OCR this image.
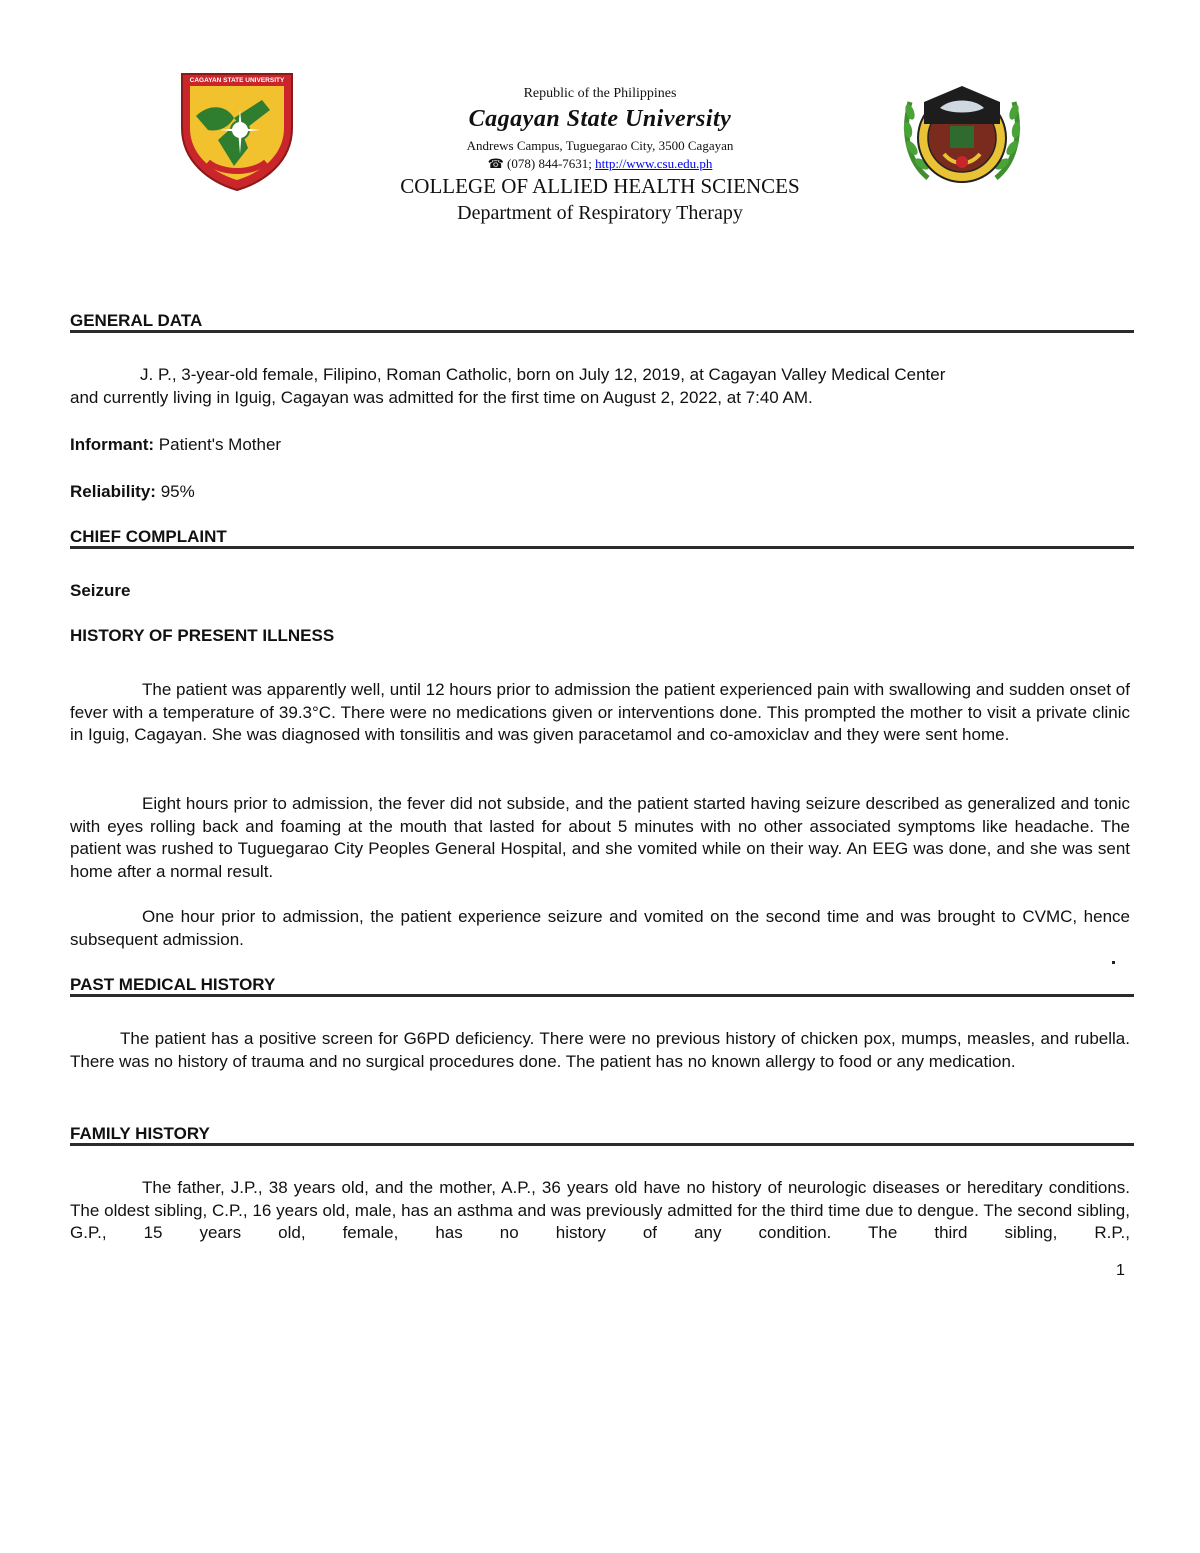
CAGAYAN STATE UNIVERSITY
Republic of the Philippines
Cagayan State University
Andrews Campus, Tuguegarao City, 3500 Cagayan
☎ (078) 844-7631; http://www.csu.edu.ph
COLLEGE OF ALLIED HEALTH SCIENCES
Department of Respiratory Therapy
GENERAL DATA
J. P., 3-year-old female, Filipino, Roman Catholic, born on July 12, 2019, at Cagayan Valley Medical Center
and currently living in Iguig, Cagayan was admitted for the first time on August 2, 2022, at 7:40 AM.
Informant: Patient's Mother
Reliability: 95%
CHIEF COMPLAINT
Seizure
HISTORY OF PRESENT ILLNESS
The patient was apparently well, until 12 hours prior to admission the patient experienced pain with swallowing and sudden onset of fever with a temperature of 39.3°C. There were no medications given or interventions done. This prompted the mother to visit a private clinic in Iguig, Cagayan. She was diagnosed with tonsilitis and was given paracetamol and co-amoxiclav and they were sent home.
Eight hours prior to admission, the fever did not subside, and the patient started having seizure described as generalized and tonic with eyes rolling back and foaming at the mouth that lasted for about 5 minutes with no other associated symptoms like headache. The patient was rushed to Tuguegarao City Peoples General Hospital, and she vomited while on their way. An EEG was done, and she was sent home after a normal result.
One hour prior to admission, the patient experience seizure and vomited on the second time and was brought to CVMC, hence subsequent admission.
PAST MEDICAL HISTORY
The patient has a positive screen for G6PD deficiency. There were no previous history of chicken pox, mumps, measles, and rubella. There was no history of trauma and no surgical procedures done. The patient has no known allergy to food or any medication.
FAMILY HISTORY
The father, J.P., 38 years old, and the mother, A.P., 36 years old have no history of neurologic diseases or hereditary conditions. The oldest sibling, C.P., 16 years old, male, has an asthma and was previously admitted for the third time due to dengue. The second sibling, G.P., 15 years old, female, has no history of any condition. The third sibling, R.P.,
1
